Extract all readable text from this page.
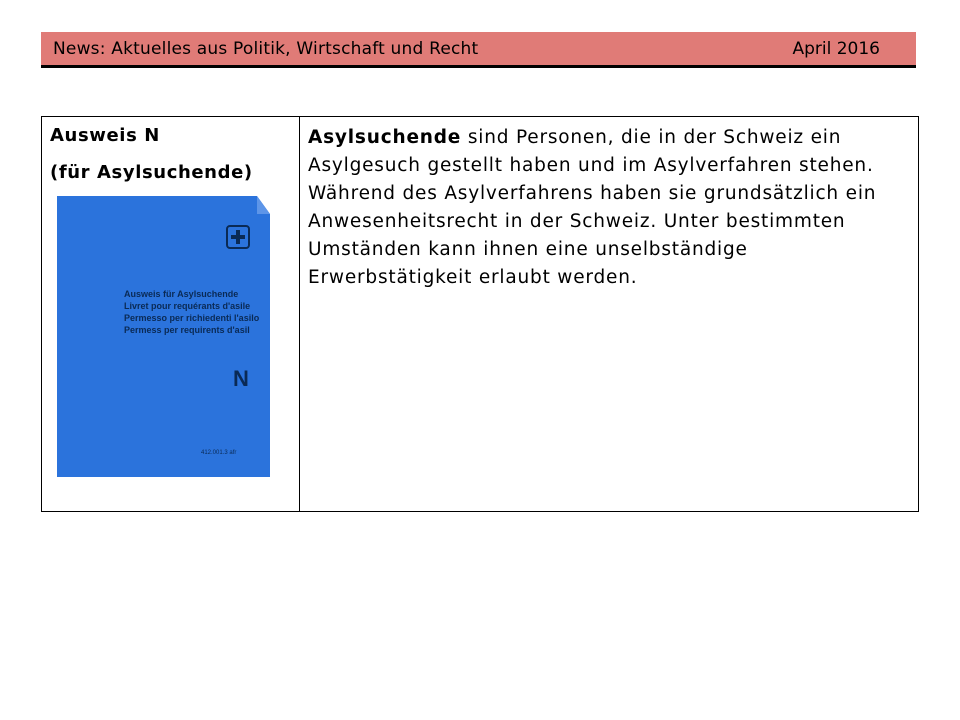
News: Aktuelles aus Politik, Wirtschaft und Recht	April 2016
Ausweis N
(für Asylsuchende)
Ausweis für Asylsuchende
Livret pour requérants d'asile
Permesso per richiedenti l'asilo
Permess per requirents d'asil
N
412.001.3 afr

Asylsuchende sind Personen, die in der Schweiz ein Asylgesuch gestellt haben und im Asylverfahren stehen. Während des Asylverfahrens haben sie grundsätzlich ein Anwesenheitsrecht in der Schweiz. Unter bestimmten Umständen kann ihnen eine unselbständige Erwerbstätigkeit erlaubt werden.
